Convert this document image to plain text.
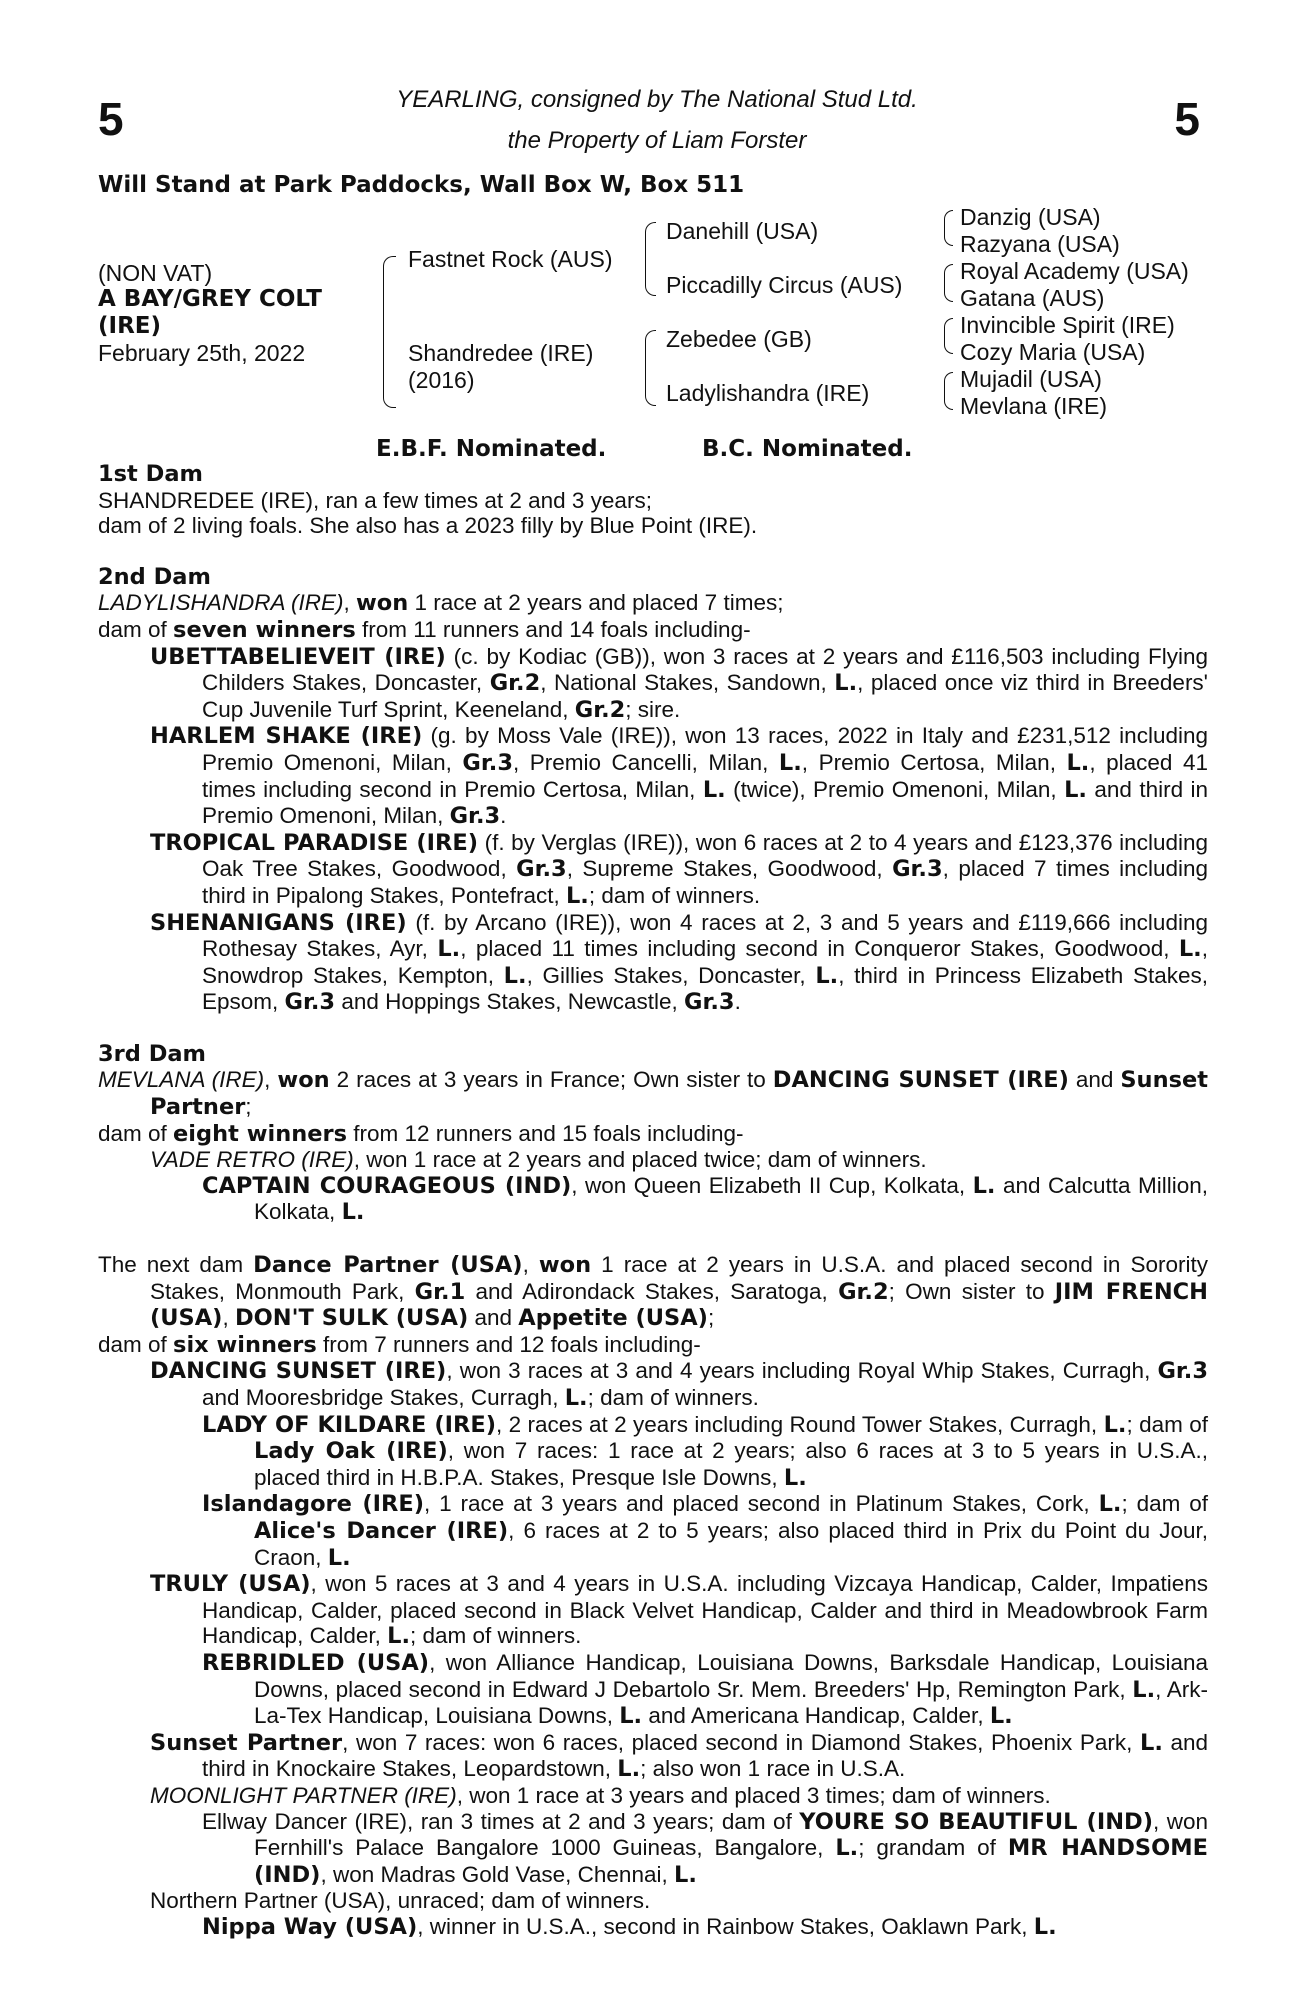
5	5
YEARLING, consigned by The National Stud Ltd.
the Property of Liam Forster
Will Stand at Park Paddocks, Wall Box W, Box 511
(NON VAT)
A BAY/GREY COLT
(IRE)
February 25th, 2022
Fastnet Rock (AUS)
Shandredee (IRE)
(2016)
Danehill (USA)
Piccadilly Circus (AUS)
Zebedee (GB)
Ladylishandra (IRE)
Danzig (USA)
Razyana (USA)
Royal Academy (USA)
Gatana (AUS)
Invincible Spirit (IRE)
Cozy Maria (USA)
Mujadil (USA)
Mevlana (IRE)
E.B.F. Nominated.	B.C. Nominated.
1st Dam
SHANDREDEE (IRE), ran a few times at 2 and 3 years;
dam of 2 living foals. She also has a 2023 filly by Blue Point (IRE).
2nd Dam
LADYLISHANDRA (IRE), won 1 race at 2 years and placed 7 times;
dam of seven winners from 11 runners and 14 foals including-
UBETTABELIEVEIT (IRE) (c. by Kodiac (GB)), won 3 races at 2 years and £116,503 including Flying Childers Stakes, Doncaster, Gr.2, National Stakes, Sandown, L., placed once viz third in Breeders' Cup Juvenile Turf Sprint, Keeneland, Gr.2; sire.
HARLEM SHAKE (IRE) (g. by Moss Vale (IRE)), won 13 races, 2022 in Italy and £231,512 including Premio Omenoni, Milan, Gr.3, Premio Cancelli, Milan, L., Premio Certosa, Milan, L., placed 41 times including second in Premio Certosa, Milan, L. (twice), Premio Omenoni, Milan, L. and third in Premio Omenoni, Milan, Gr.3.
TROPICAL PARADISE (IRE) (f. by Verglas (IRE)), won 6 races at 2 to 4 years and £123,376 including Oak Tree Stakes, Goodwood, Gr.3, Supreme Stakes, Goodwood, Gr.3, placed 7 times including third in Pipalong Stakes, Pontefract, L.; dam of winners.
SHENANIGANS (IRE) (f. by Arcano (IRE)), won 4 races at 2, 3 and 5 years and £119,666 including Rothesay Stakes, Ayr, L., placed 11 times including second in Conqueror Stakes, Goodwood, L., Snowdrop Stakes, Kempton, L., Gillies Stakes, Doncaster, L., third in Princess Elizabeth Stakes, Epsom, Gr.3 and Hoppings Stakes, Newcastle, Gr.3.
3rd Dam
MEVLANA (IRE), won 2 races at 3 years in France; Own sister to DANCING SUNSET (IRE) and Sunset Partner;
dam of eight winners from 12 runners and 15 foals including-
VADE RETRO (IRE), won 1 race at 2 years and placed twice; dam of winners.
CAPTAIN COURAGEOUS (IND), won Queen Elizabeth II Cup, Kolkata, L. and Calcutta Million, Kolkata, L.
The next dam Dance Partner (USA), won 1 race at 2 years in U.S.A. and placed second in Sorority Stakes, Monmouth Park, Gr.1 and Adirondack Stakes, Saratoga, Gr.2; Own sister to JIM FRENCH (USA), DON'T SULK (USA) and Appetite (USA);
dam of six winners from 7 runners and 12 foals including-
DANCING SUNSET (IRE), won 3 races at 3 and 4 years including Royal Whip Stakes, Curragh, Gr.3 and Mooresbridge Stakes, Curragh, L.; dam of winners.
LADY OF KILDARE (IRE), 2 races at 2 years including Round Tower Stakes, Curragh, L.; dam of Lady Oak (IRE), won 7 races: 1 race at 2 years; also 6 races at 3 to 5 years in U.S.A., placed third in H.B.P.A. Stakes, Presque Isle Downs, L.
Islandagore (IRE), 1 race at 3 years and placed second in Platinum Stakes, Cork, L.; dam of Alice's Dancer (IRE), 6 races at 2 to 5 years; also placed third in Prix du Point du Jour, Craon, L.
TRULY (USA), won 5 races at 3 and 4 years in U.S.A. including Vizcaya Handicap, Calder, Impatiens Handicap, Calder, placed second in Black Velvet Handicap, Calder and third in Meadowbrook Farm Handicap, Calder, L.; dam of winners.
REBRIDLED (USA), won Alliance Handicap, Louisiana Downs, Barksdale Handicap, Louisiana Downs, placed second in Edward J Debartolo Sr. Mem. Breeders' Hp, Remington Park, L., Ark-La-Tex Handicap, Louisiana Downs, L. and Americana Handicap, Calder, L.
Sunset Partner, won 7 races: won 6 races, placed second in Diamond Stakes, Phoenix Park, L. and third in Knockaire Stakes, Leopardstown, L.; also won 1 race in U.S.A.
MOONLIGHT PARTNER (IRE), won 1 race at 3 years and placed 3 times; dam of winners.
Ellway Dancer (IRE), ran 3 times at 2 and 3 years; dam of YOURE SO BEAUTIFUL (IND), won Fernhill's Palace Bangalore 1000 Guineas, Bangalore, L.; grandam of MR HANDSOME (IND), won Madras Gold Vase, Chennai, L.
Northern Partner (USA), unraced; dam of winners.
Nippa Way (USA), winner in U.S.A., second in Rainbow Stakes, Oaklawn Park, L.
